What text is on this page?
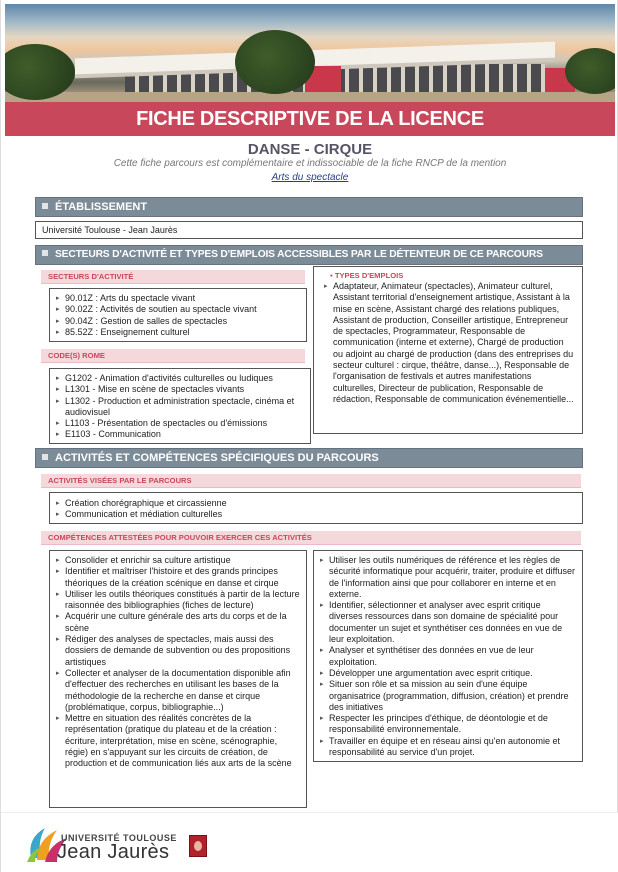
FICHE DESCRIPTIVE DE LA LICENCE
DANSE - CIRQUE
Cette fiche parcours est complémentaire et indissociable de la fiche RNCP de la mention
Arts du spectacle
ÉTABLISSEMENT
Université Toulouse - Jean Jaurès
SECTEURS D'ACTIVITÉ ET TYPES D'EMPLOIS ACCESSIBLES PAR LE DÉTENTEUR DE CE PARCOURS
SECTEURS D'ACTIVITÉ
▸ 90.01Z : Arts du spectacle vivant
▸ 90.02Z : Activités de soutien au spectacle vivant
▸ 90.04Z : Gestion de salles de spectacles
▸ 85.52Z : Enseignement culturel
CODE(S) ROME
▸ G1202 - Animation d'activités culturelles ou ludiques
▸ L1301 - Mise en scène de spectacles vivants
▸ L1302 - Production et administration spectacle, cinéma et audiovisuel
▸ L1103 - Présentation de spectacles ou d'émissions
▸ E1103 - Communication
▪ TYPES D'EMPLOIS
▸ Adaptateur, Animateur (spectacles), Animateur culturel, Assistant territorial d'enseignement artistique, Assistant à la mise en scène, Assistant chargé des relations publiques, Assistant de production, Conseiller artistique, Entrepreneur de spectacles, Programmateur, Responsable de communication (interne et externe), Chargé de production ou adjoint au chargé de production (dans des entreprises du secteur culturel : cirque, théâtre, danse...), Responsable de l'organisation de festivals et autres manifestations culturelles, Directeur de publication, Responsable de rédaction, Responsable de communication événementielle...
ACTIVITÉS ET COMPÉTENCES SPÉCIFIQUES DU PARCOURS
ACTIVITÉS VISÉES PAR LE PARCOURS
▸ Création chorégraphique et circassienne
▸ Communication et médiation culturelles
COMPÉTENCES ATTESTÉES POUR POUVOIR EXERCER CES ACTIVITÉS
▸ Consolider et enrichir sa culture artistique
▸ Identifier et maîtriser l'histoire et des grands principes théoriques de la création scénique en danse et cirque
▸ Utiliser les outils théoriques constitués à partir de la lecture raisonnée des bibliographies (fiches de lecture)
▸ Acquérir une culture générale des arts du corps et de la scène
▸ Rédiger des analyses de spectacles, mais aussi des dossiers de demande de subvention ou des propositions artistiques
▸ Collecter et analyser de la documentation disponible afin d'effectuer des recherches en utilisant les bases de la méthodologie de la recherche en danse et cirque (problématique, corpus, bibliographie...)
▸ Mettre en situation des réalités concrètes de la représentation (pratique du plateau et de la création : écriture, interprétation, mise en scène, scénographie, régie) en s'appuyant sur les circuits de création, de production et de communication liés aux arts de la scène
▸ Utiliser les outils numériques de référence et les règles de sécurité informatique pour acquérir, traiter, produire et diffuser de l'information ainsi que pour collaborer en interne et en externe.
▸ Identifier, sélectionner et analyser avec esprit critique diverses ressources dans son domaine de spécialité pour documenter un sujet et synthétiser ces données en vue de leur exploitation.
▸ Analyser et synthétiser des données en vue de leur exploitation.
▸ Développer une argumentation avec esprit critique.
▸ Situer son rôle et sa mission au sein d'une équipe organisatrice (programmation, diffusion, création) et prendre des initiatives
▸ Respecter les principes d'éthique, de déontologie et de responsabilité environnementale.
▸ Travailler en équipe et en réseau ainsi qu'en autonomie et responsabilité au service d'un projet.
UNIVERSITÉ TOULOUSE
Jean Jaurès
